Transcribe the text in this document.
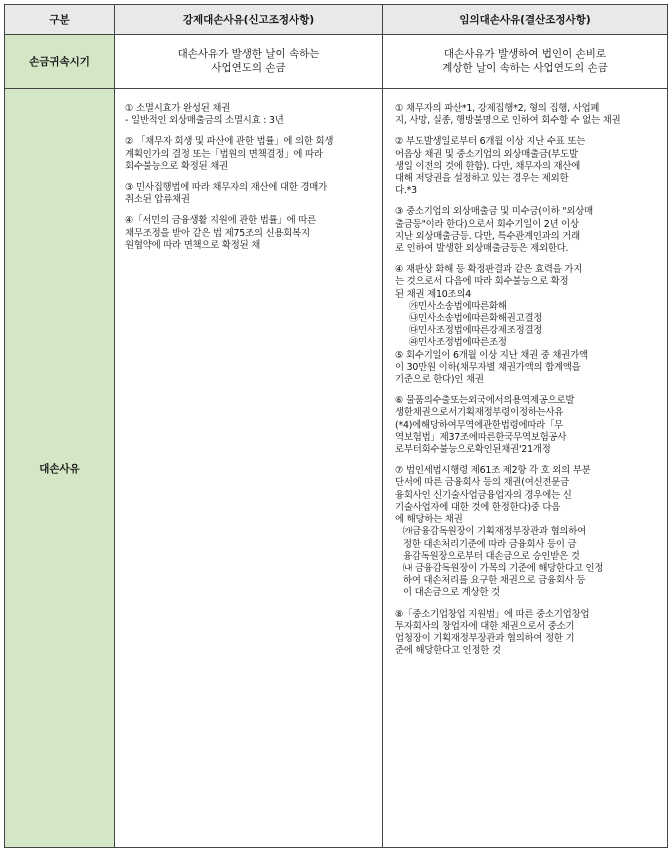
구분	강제대손사유(신고조정사항)	임의대손사유(결산조정사항)
손금귀속시기
대손사유가 발생한 날이 속하는
사업연도의 손금
대손사유가 발생하여 법인이 손비로
계상한 날이 속하는 사업연도의 손금
대손사유

① 소멸시효가 완성된 채권
- 일반적인 외상매출금의 소멸시효 : 3년

② 「채무자 회생 및 파산에 관한 법률」에 의한 회생
계획인가의 결정 또는「법원의 면책결정」에 따라
회수불능으로 확정된 채권

③ 민사집행법에 따라 채무자의 재산에 대한 경매가
취소된 압류채권

④「서민의 금융생활 지원에 관한 법률」에 따른
채무조정을 받아 같은 법 제75조의 신용회복지
원협약에 따라 면책으로 확정된 채

① 채무자의 파산*1, 강제집행*2, 형의 집행, 사업폐
지, 사망, 실종, 행방불명으로 인하여 회수할 수 없는 채권

② 부도발생일로부터 6개월 이상 지난 수표 또는
어음상 채권 및 중소기업의 외상매출금(부도발
생일 이전의 것에 한함). 다만, 채무자의 재산에
대해 저당권을 설정하고 있는 경우는 제외한
다.*3

③ 중소기업의 외상매출금 및 미수금(이하 "외상매
출금등"이라 한다)으로서 회수기일이 2년 이상
지난 외상매출금등. 다만, 특수관계인과의 거래
로 인하여 발생한 외상매출금등은 제외한다.

④ 재판상 화해 등 확정판결과 같은 효력을 가지
는 것으로서 다음에 따라 회수불능으로 확정
된 채권 제10조의4

㉮민사소송법에따른화해

㉯민사소송법에따른화해권고결정

㉰민사조정법에따른강제조정결정

㉱민사조정법에따른조정

⑤ 회수기일이 6개월 이상 지난 채권 중 채권가액
이 30만원 이하(채무자별 채권가액의 합계액을
기준으로 한다)인 채권

⑥ 물품의수출또는외국에서의용역제공으로발
생한채권으로서기획재정부령이정하는사유
(*4)에해당하여무역에관한법령에따라「무
역보험법」제37조에따른한국무역보험공사
로부터회수불능으로확인된채권'21개정

⑦ 법인세법시행령 제61조 제2항 각 호 외의 부분
단서에 따른 금융회사 등의 채권(여신전문금
융회사인 신기술사업금융업자의 경우에는 신
기술사업자에 대한 것에 한정한다)중 다음
에 해당하는 채권

㈎금융감독원장이 기획재정부장관과 협의하여
정한 대손처리기준에 따라 금융회사 등이 금
융감독원장으로부터 대손금으로 승인받은 것

㈏ 금융감독원장이 가목의 기준에 해당한다고 인정
하여 대손처리를 요구한 채권으로 금융회사 등
이 대손금으로 계상한 것

⑧「중소기업창업 지원법」에 따른 중소기업창업
투자회사의 창업자에 대한 채권으로서 중소기
업청장이 기획재정부장관과 협의하여 정한 기
준에 해당한다고 인정한 것
